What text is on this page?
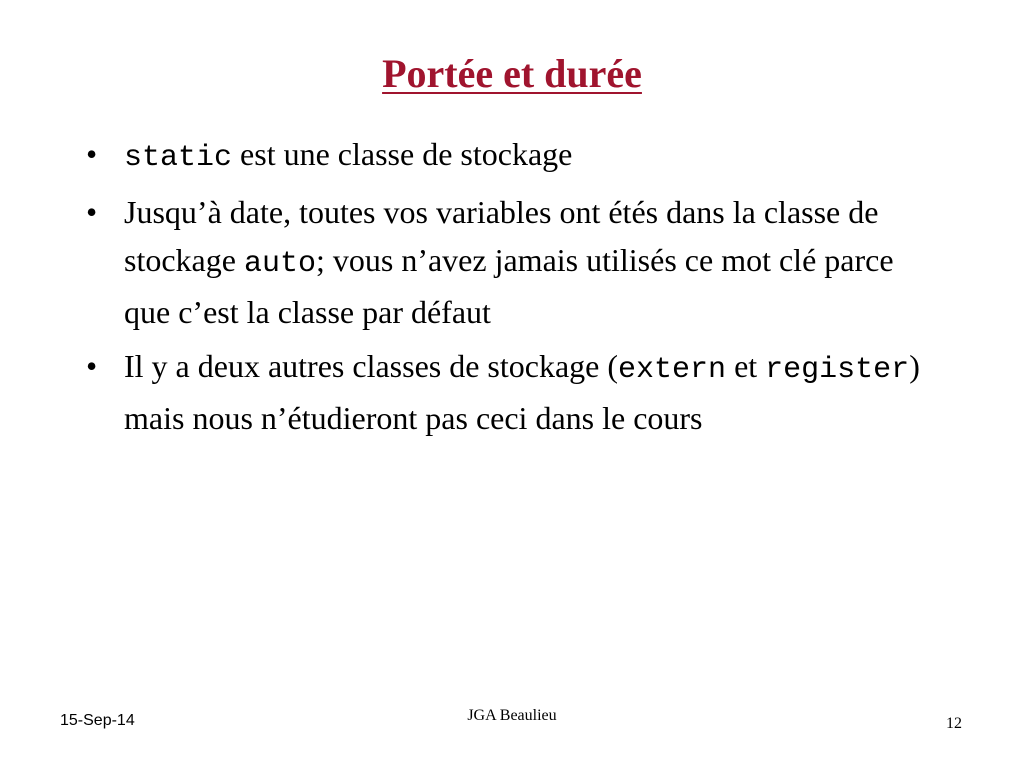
Portée et durée
• static est une classe de stockage
• Jusqu’à date, toutes vos variables ont étés dans la classe de stockage auto; vous n’avez jamais utilisés ce mot clé parce que c’est la classe par défaut
• Il y a deux autres classes de stockage (extern et register) mais nous n’étudieront pas ceci dans le cours
15-Sep-14	JGA Beaulieu	12
